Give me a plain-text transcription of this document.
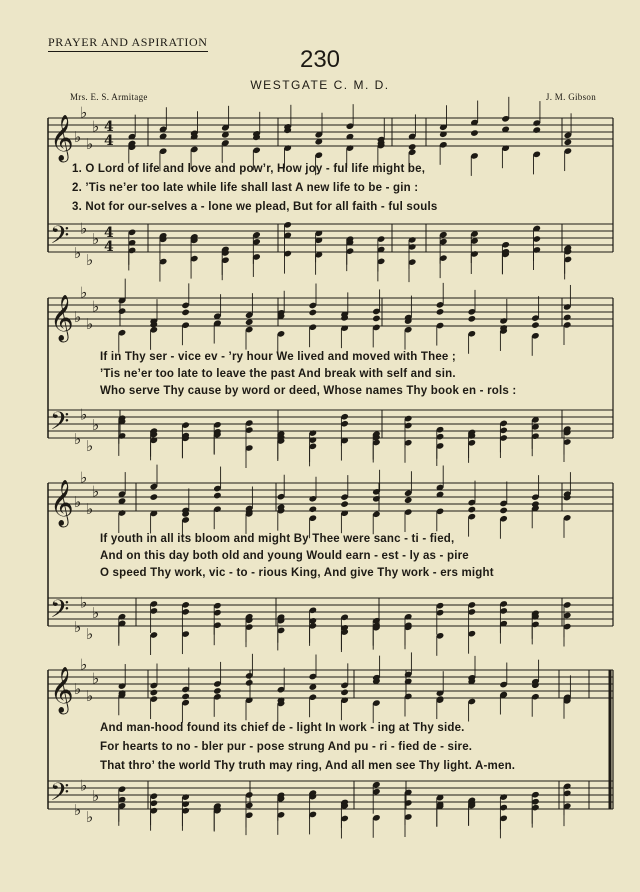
PRAYER AND ASPIRATION
230
WESTGATE C. M. D.
Mrs. E. S. Armitage	J. M. Gibson
𝄞 ♭
♭
♭
♭ 4
4
𝄢 ♭
♭
♭
♭ 4
4
𝄞 ♭
♭
♭
♭
𝄢 ♭
♭
♭
♭
𝄞 ♭
♭
♭
♭
𝄢 ♭
♭
♭
♭
𝄞 ♭
♭
♭
♭
𝄢 ♭
♭
♭
♭
1. O Lord of life and love and pow’r, How joy - ful life might be,
2. ’Tis ne’er too late while life shall last A new life to be - gin :
3. Not for our-selves a - lone we plead, But for all faith - ful souls
If in Thy ser - vice ev - ’ry hour We lived and moved with Thee ;
’Tis ne’er too late to leave the past And break with self and sin.
Who serve Thy cause by word or deed, Whose names Thy book en - rols :
If youth in all its bloom and might By Thee were sanc - ti - fied,
And on this day both old and young Would earn - est - ly as - pire
O speed Thy work, vic - to - rious King, And give Thy work - ers might
And man-hood found its chief de - light In work - ing at Thy side.
For hearts to no - bler pur - pose strung And pu - ri - fied de - sire.
That thro’ the world Thy truth may ring, And all men see Thy light. A-men.
